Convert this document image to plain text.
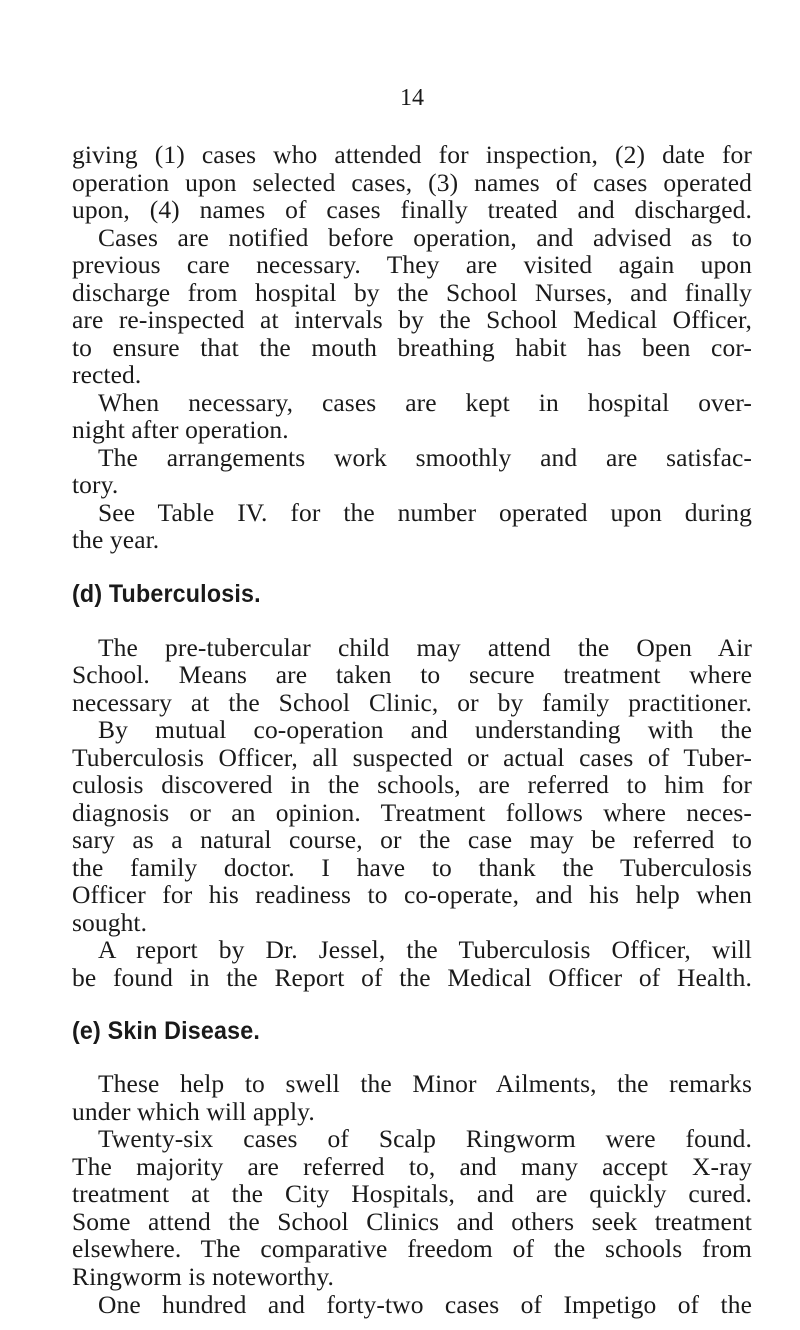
14
giving (1) cases who attended for inspection, (2) date for
operation upon selected cases, (3) names of cases operated
upon, (4) names of cases finally treated and discharged.
Cases are notified before operation, and advised as to
previous care necessary. They are visited again upon
discharge from hospital by the School Nurses, and finally
are re-inspected at intervals by the School Medical Officer,
to ensure that the mouth breathing habit has been cor-
rected.
When necessary, cases are kept in hospital over-
night after operation.
The arrangements work smoothly and are satisfac-
tory.
See Table IV. for the number operated upon during
the year.
(d) Tuberculosis.
The pre-tubercular child may attend the Open Air
School. Means are taken to secure treatment where
necessary at the School Clinic, or by family practitioner.
By mutual co-operation and understanding with the
Tuberculosis Officer, all suspected or actual cases of Tuber-
culosis discovered in the schools, are referred to him for
diagnosis or an opinion. Treatment follows where neces-
sary as a natural course, or the case may be referred to
the family doctor. I have to thank the Tuberculosis
Officer for his readiness to co-operate, and his help when
sought.
A report by Dr. Jessel, the Tuberculosis Officer, will
be found in the Report of the Medical Officer of Health.
(e) Skin Disease.
These help to swell the Minor Ailments, the remarks
under which will apply.
Twenty-six cases of Scalp Ringworm were found.
The majority are referred to, and many accept X-ray
treatment at the City Hospitals, and are quickly cured.
Some attend the School Clinics and others seek treatment
elsewhere. The comparative freedom of the schools from
Ringworm is noteworthy.
One hundred and forty-two cases of Impetigo of the
